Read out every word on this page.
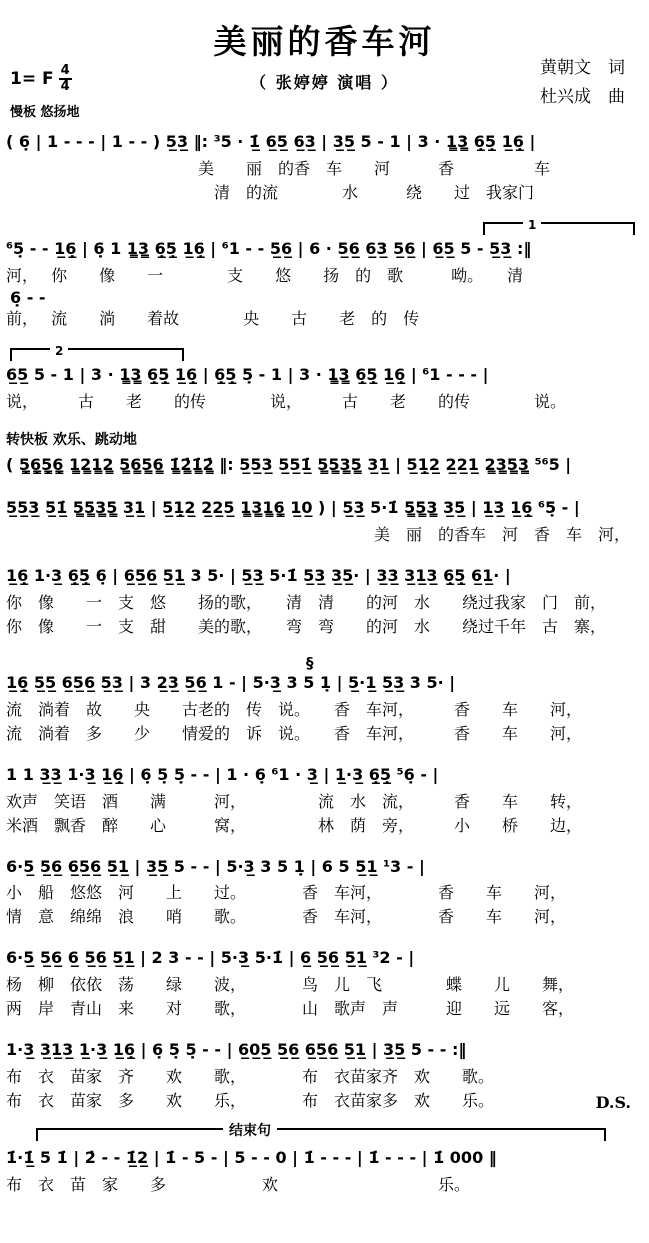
美丽的香车河
（ 张婷婷 演唱 ）
黄朝文　词
杜兴成　曲
1= F $\frac{4}{4}$
慢板 悠扬地
( 6̣ | 1 - - - | 1 - - ) 5̲3̲ ‖: ³5 · 1̲̇ 6̲5̲ 6̲3̲ | 3̲5̲ 5 - 1 | 3 · 1̳3̳ 6̣̲5̣̲ 1̲6̣̲ |
　　　　　　　　　　　　美　　丽　的香　车　　河　　　香　　　　　车
　　　　　　　　　　　　　清　的流　　　　水　　　绕　　过　我家门
$^1$
⁶5̣ - - 1̲6̣̲ | 6̣ 1 1̳3̳ 6̣̲5̣̲ 1̲6̣̲ | ⁶1 - - 5̲6̲ | 6 · 5̲6̲ 6̲3̲ 5̲6̲ | 6̲5̲ 5 - 5̲3̲ :‖
河，　 你　　像　　一　　　　支　　悠　　扬　的　歌　　　呦。　　清
6̣ - -
前，　 流　　淌　　着故　　　　央　　古　　老　的　传
$^2$
6̲5̲ 5 - 1 | 3 · 1̳3̳ 6̣̲5̣̲ 1̲6̣̲ | 6̣̲5̣̲ 5̣ - 1 | 3 · 1̳3̳ 6̣̲5̣̲ 1̲6̣̲ | ⁶1 - - - |
说，　　　古　　老　　的传　　　　说，　　　古　　老　　的传　　　　说。
转快板 欢乐、跳动地
( 5̣̳6̣̳5̣̳6̣̳ 1̳2̳1̳2̳ 5̳6̳5̳6̳ 1̳̇2̳̇1̳̇2̳̇ ‖: 5̲5̲3̲ 5̲5̲1̲̇ 5̳5̳3̳5̳ 3̲1̲ | 5̲1̣̲2̲ 2̲2̲1̲ 2̳3̳5̳3̳ ⁵⁶5 |
5̲5̲3̲ 5̲1̲̇ 5̳5̳3̳5̳ 3̲1̲ | 5̲1̣̲2̲ 2̲2̲5̲ 1̳3̳1̳6̣̳ 1̲0̲ ) | 5̲3̲ 5·1̇ 5̳5̳3̳ 3̲5̲ | 1̲3̲ 1̲6̣̲ ⁶5̣ - |
　　　　　　　　　　　　　　　　　　　　　　　美　丽　的香车　河　香　车　河，
1̲6̣̲ 1·3̲ 6̣̲5̣̲ 6̣ | 6̲5̲6̲ 5̲1̲ 3 5· | 5̲3̲ 5·1̇ 5̲3̲ 3̲5̲· | 3̲3̲ 3̲1̲3̲ 6̣̲5̣̲ 6̲1̲· |
你　像　　一　支　悠　　扬的歌，　　清　清　　的河　水　　绕过我家　门　前，
你　像　　一　支　甜　　美的歌，　　弯　弯　　的河　水　　绕过千年　古　寨，
§
1̲6̣̲ 5̲5̲ 6̲5̲6̲ 5̲3̲ | 3 2̲3̲ 5̲6̲ 1 - | 5·3̲ 3 5 1̣ | 5̲·1̲ 5̲3̲ 3 5· |
流　淌着　故　　央　　古老的　传　说。　　香　车河，　　　香　　车　　河，
流　淌着　多　　少　　情爱的　诉　说。　　香　车河，　　　香　　车　　河，
1 1 3̲3̲ 1·3̲ 1̲6̣̲ | 6̣ 5̣ 5̣ - - | 1 · 6̣ ⁶1 · 3̲ | 1̲·3̲ 6̣̲5̣̲ ⁵6̣ - |
欢声　笑语　酒　　满　　　河，　　　　　流　水　流，　　　香　　车　　转，
米酒　飘香　醉　　心　　　窝，　　　　　林　荫　旁，　　　小　　桥　　边，
6·5̲ 5̲6̲ 6̲5̲6̲ 5̲1̲ | 3̲5̲ 5 - - | 5·3̲ 3 5 1̣ | 6 5 5̲1̲ ¹3 - |
小　船　悠悠　河　　上　　过。　　　　香　车河，　　　　香　　车　　河，
情　意　绵绵　浪　　哨　　歌。　　　　香　车河，　　　　香　　车　　河，
6·5̲ 5̲6̲ 6̲ 5̲6̲ 5̲1̲ | 2 3 - - | 5·3̲ 5·1̇ | 6̲ 5̲6̲ 5̲1̲ ³2 - |
杨　柳　依依　荡　　绿　　波，　　　　鸟　儿　飞　　　　蝶　　儿　　舞，
两　岸　青山　来　　对　　歌，　　　　山　歌声　声　　　迎　　远　　客，
1·3̲ 3̲1̲3̲ 1̲·3̲ 1̲6̣̲ | 6̣ 5̣ 5̣ - - | 6̲0̲5̲ 5̲6̲ 6̲5̲6̲ 5̲1̲ | 3̲5̲ 5 - - :‖
布　衣　苗家　齐　　欢　　歌，　　　　布　衣苗家齐　欢　　歌。
布　衣　苗家　多　　欢　　乐，　　　　布　衣苗家多　欢　　乐。	D.S.
结束句
1̇·1̲̇ 5 1̇ | 2̇ - - 1̲̇2̲ | 1̇ - 5 - | 5 - - 0 | 1̇ - - - | 1̇ - - - | 1̇ 000 ‖
布　衣　苗　家　　多　　　　　　欢　　　　　　　　　　乐。
